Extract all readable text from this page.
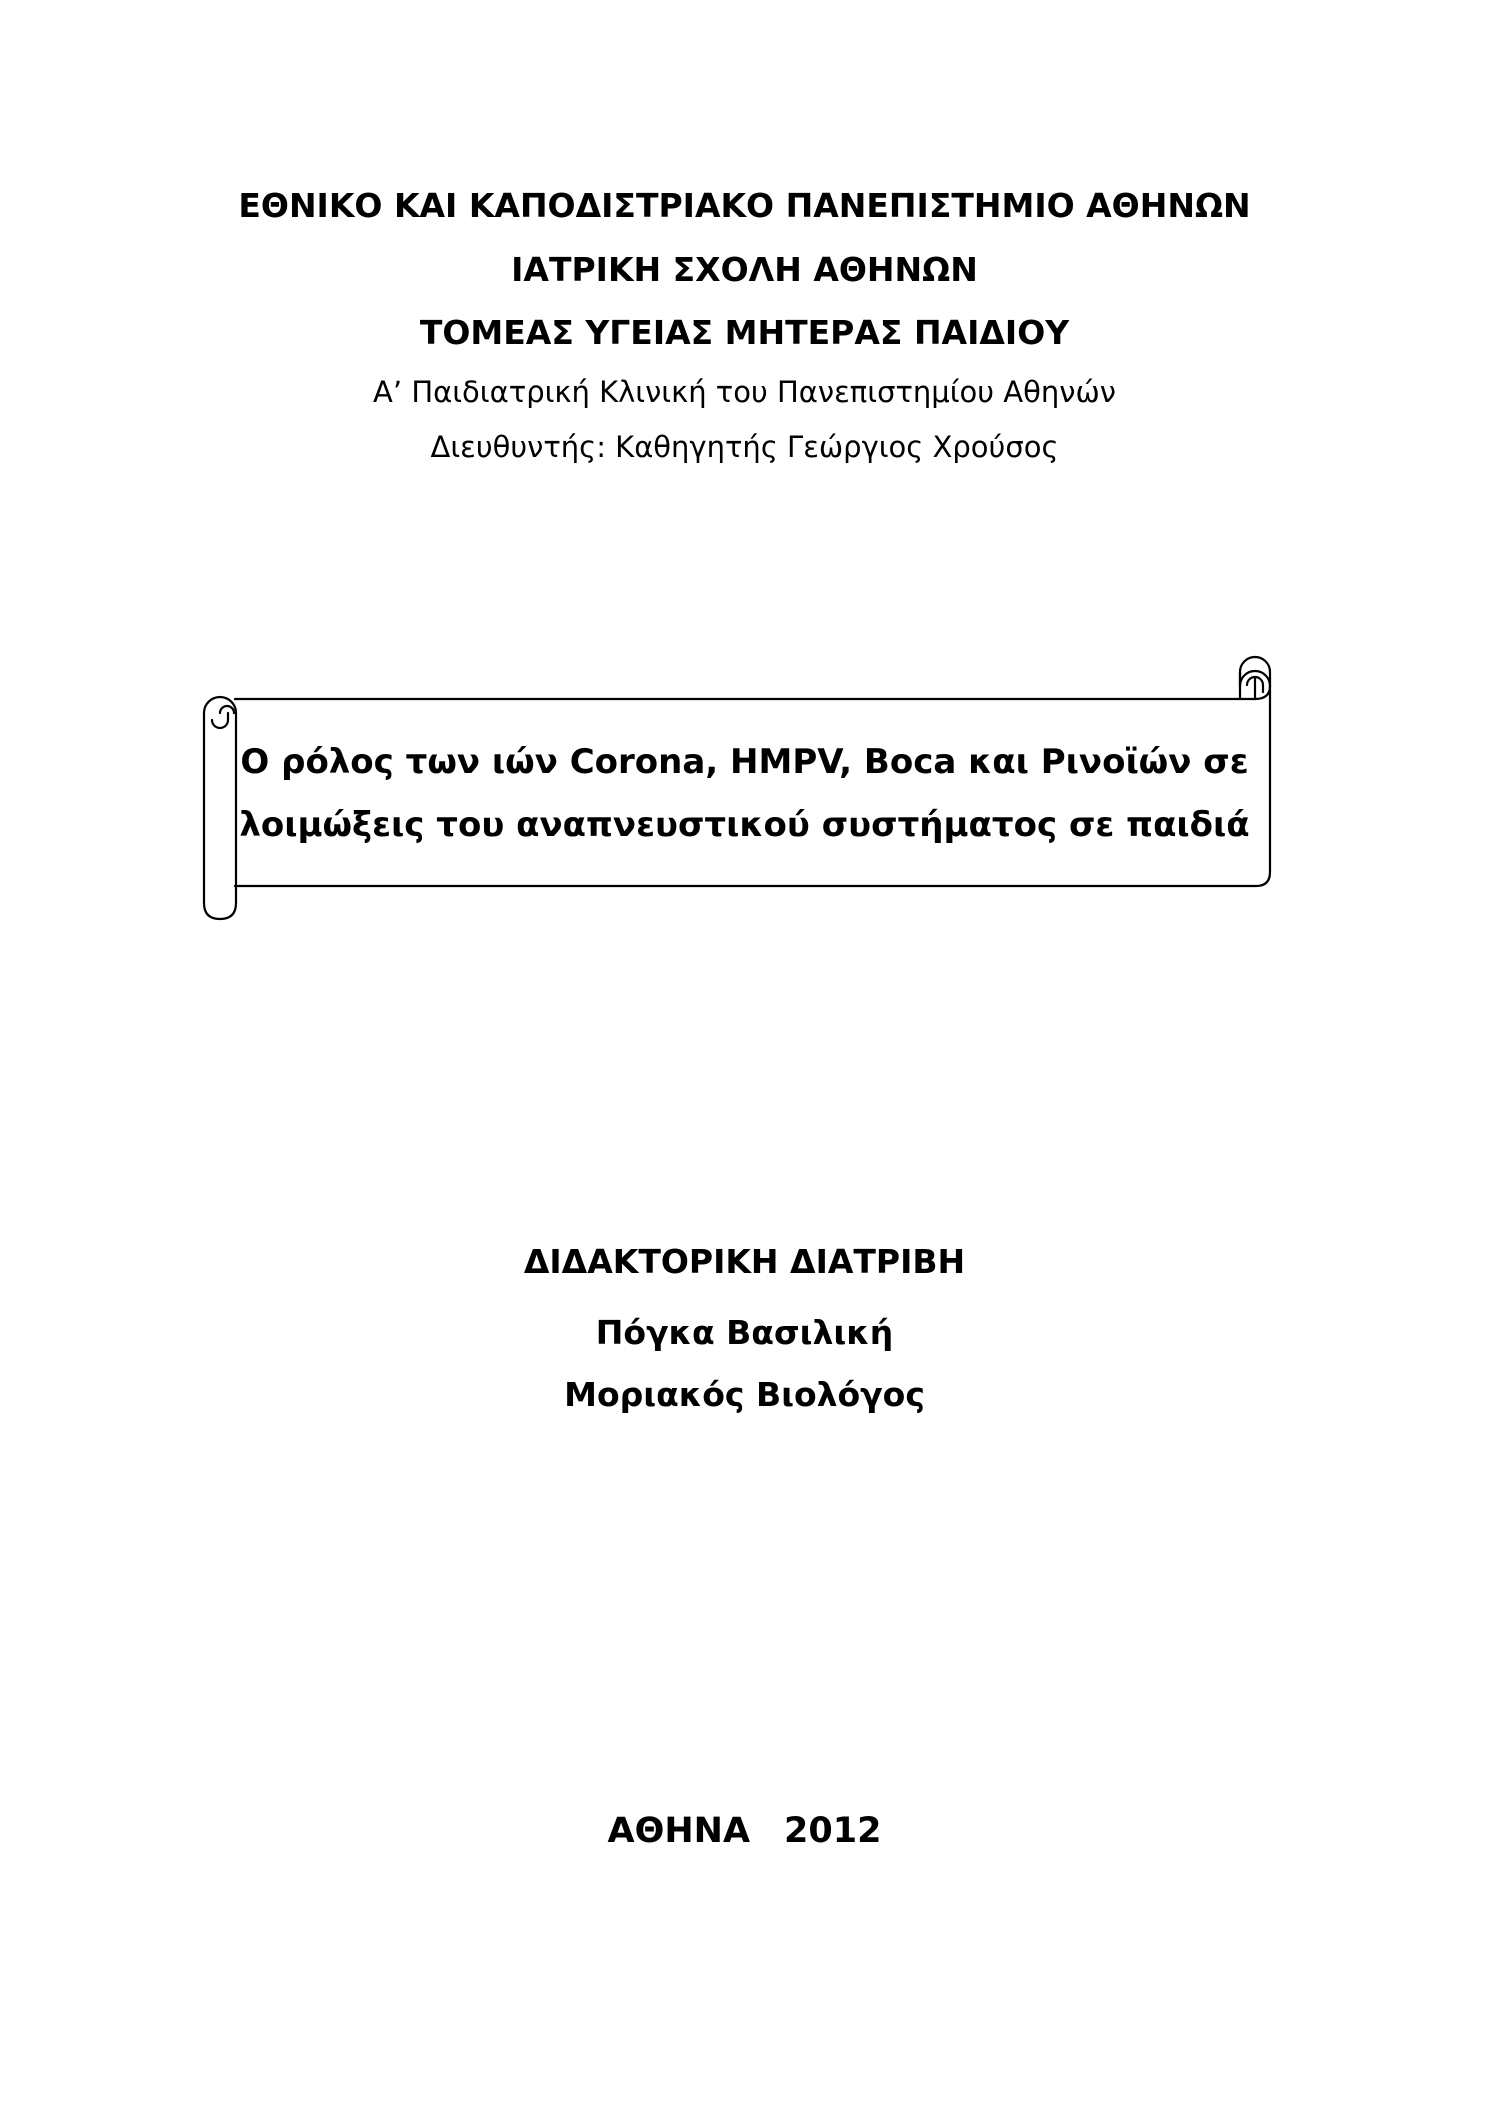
ΕΘΝΙΚΟ ΚΑΙ ΚΑΠΟΔΙΣΤΡΙΑΚΟ ΠΑΝΕΠΙΣΤΗΜΙΟ ΑΘΗΝΩΝ
ΙΑΤΡΙΚΗ ΣΧΟΛΗ ΑΘΗΝΩΝ
ΤΟΜΕΑΣ ΥΓΕΙΑΣ ΜΗΤΕΡΑΣ ΠΑΙΔΙΟΥ
Α’ Παιδιατρική Κλινική του Πανεπιστημίου Αθηνών
Διευθυντής: Καθηγητής Γεώργιος Χρούσος
Ο ρόλος των ιών Corona, HMPV, Boca και Ρινοϊών σε
λοιμώξεις του αναπνευστικού συστήματος σε παιδιά
ΔΙΔΑΚΤΟΡΙΚΗ ΔΙΑΤΡΙΒΗ
Πόγκα Βασιλική
Μοριακός Βιολόγος
ΑΘΗΝΑ 2012
